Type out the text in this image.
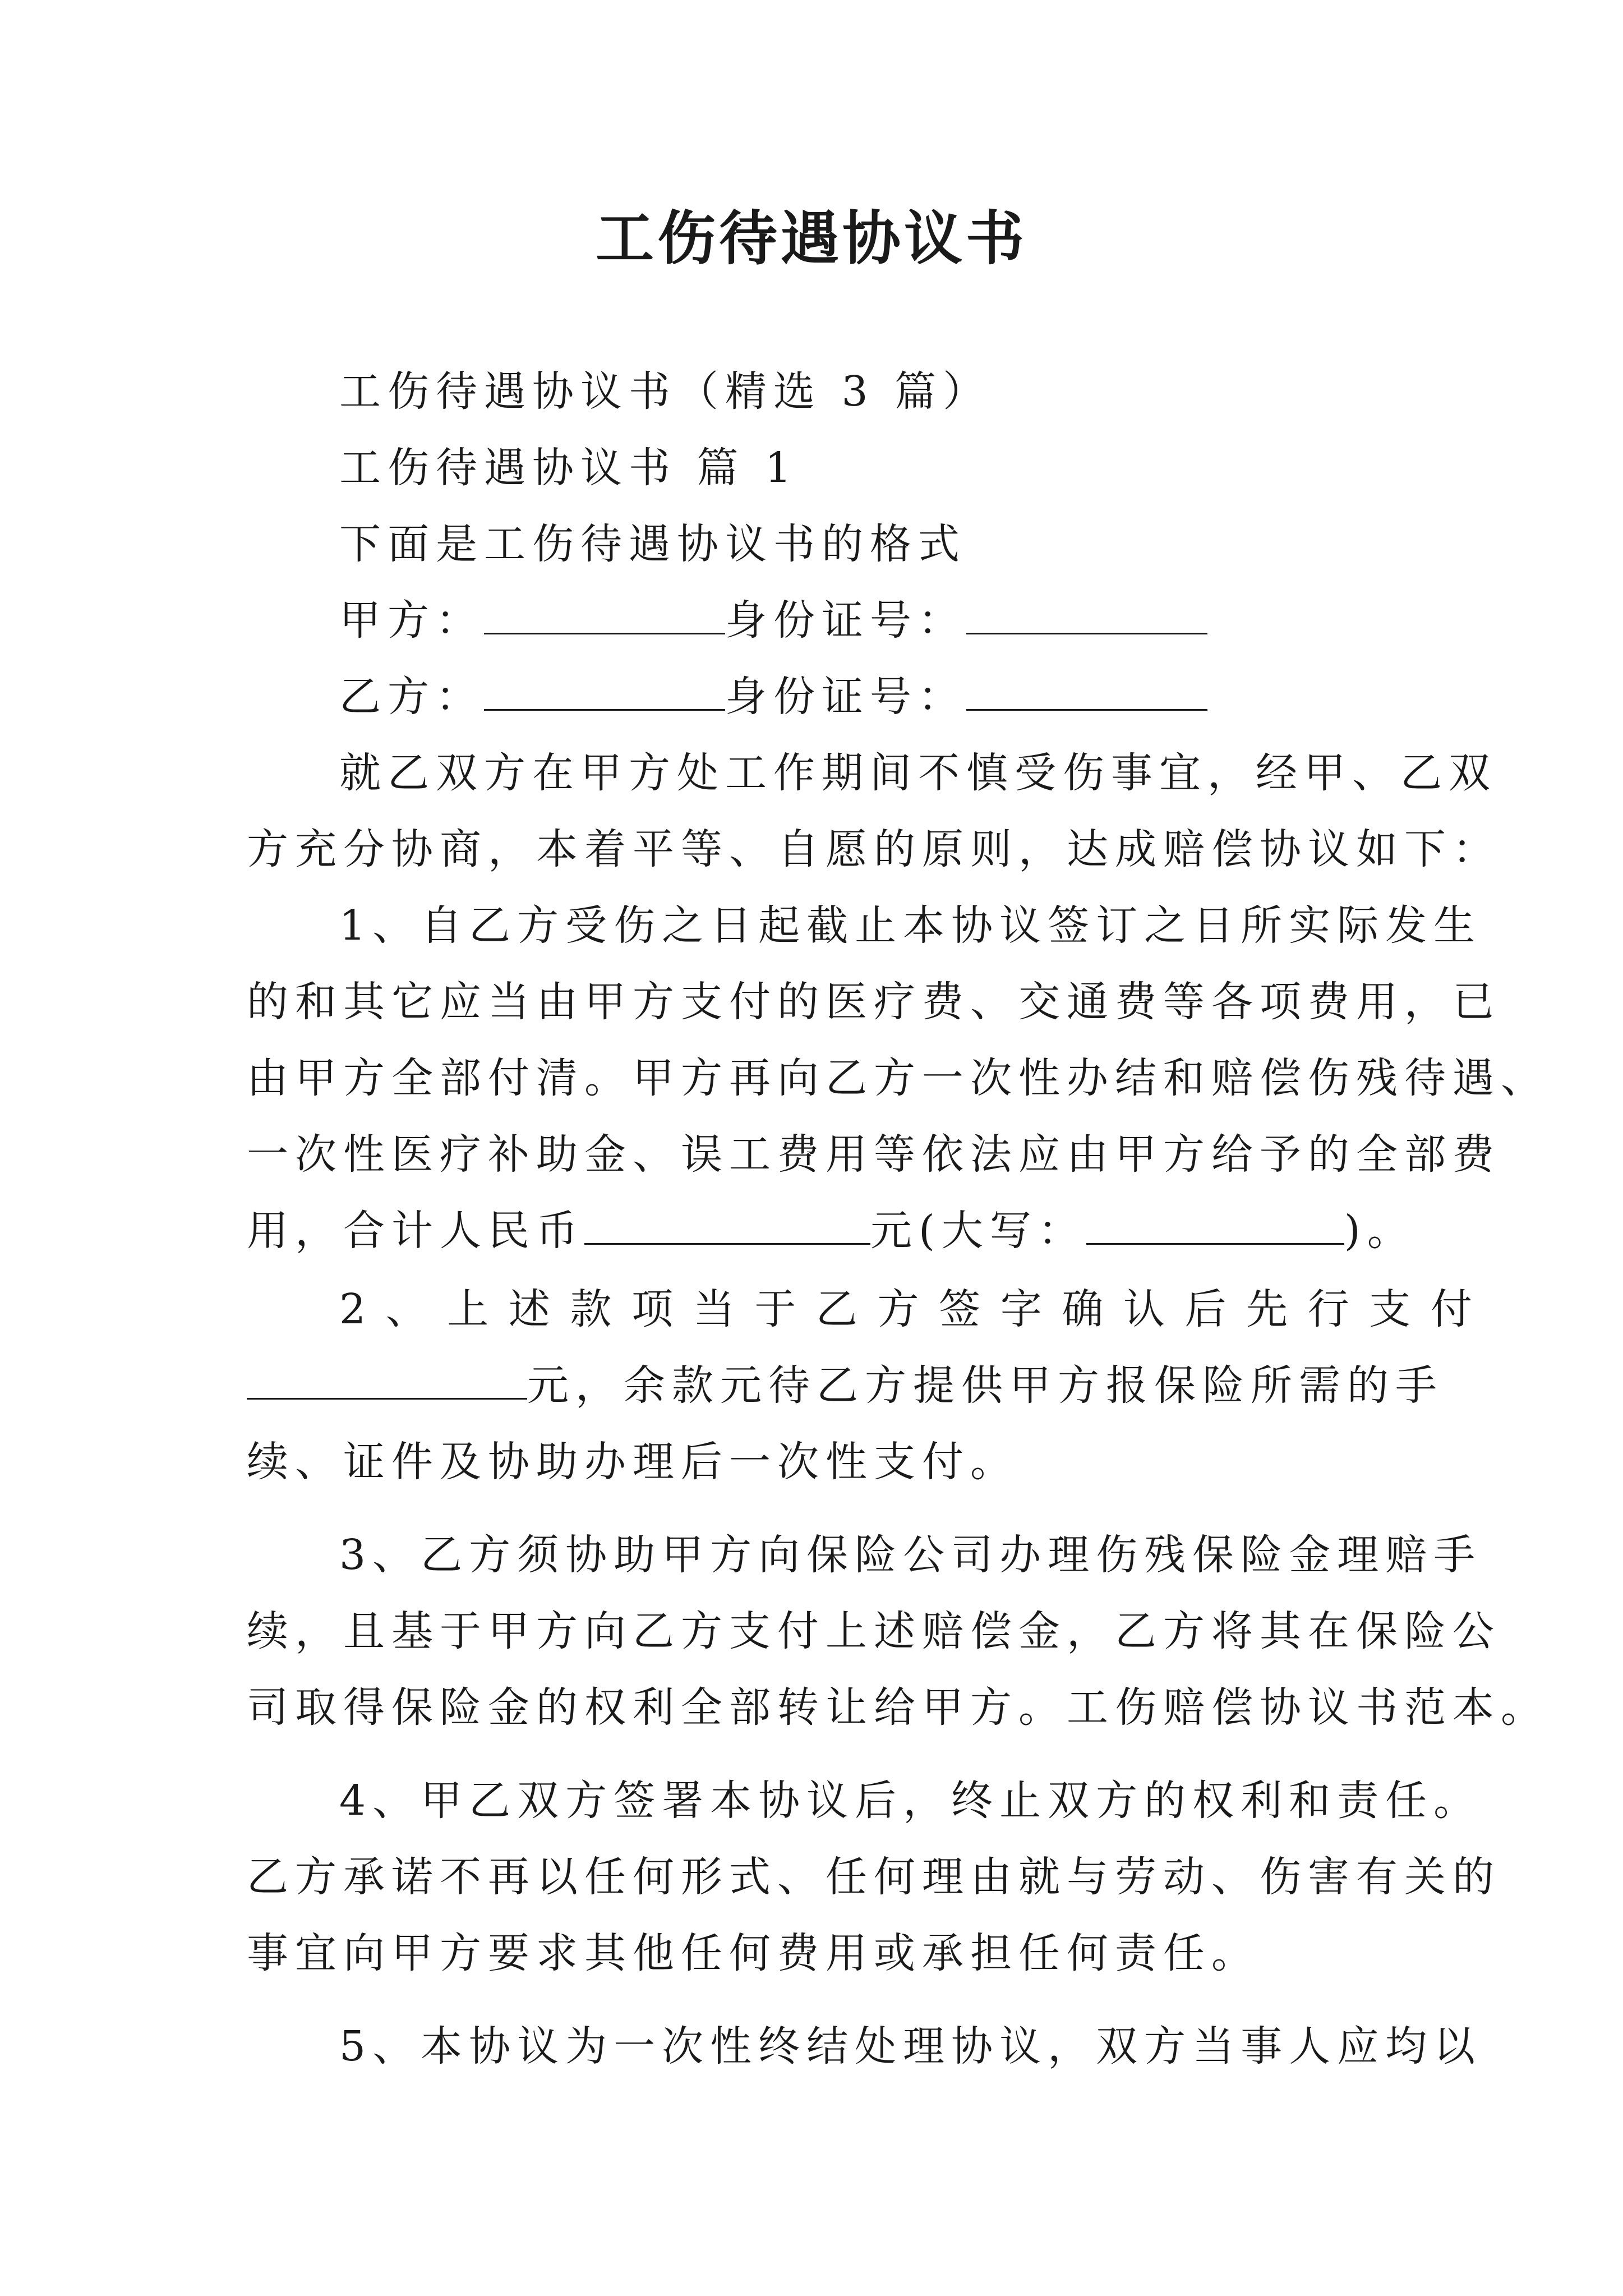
工伤待遇协议书
工伤待遇协议书（精选 3 篇）
工伤待遇协议书 篇 1
下面是工伤待遇协议书的格式
甲方：	身份证号：
乙方：	身份证号：
就乙双方在甲方处工作期间不慎受伤事宜，经甲、乙双
方充分协商，本着平等、自愿的原则，达成赔偿协议如下：
1、自乙方受伤之日起截止本协议签订之日所实际发生
的和其它应当由甲方支付的医疗费、交通费等各项费用，已
由甲方全部付清。甲方再向乙方一次性办结和赔偿伤残待遇、
一次性医疗补助金、误工费用等依法应由甲方给予的全部费
用，合计人民币	元(大写：	)。
2、上述款项当于乙方签字确认后先行支付
元，余款元待乙方提供甲方报保险所需的手
续、证件及协助办理后一次性支付。
3、乙方须协助甲方向保险公司办理伤残保险金理赔手
续，且基于甲方向乙方支付上述赔偿金，乙方将其在保险公
司取得保险金的权利全部转让给甲方。工伤赔偿协议书范本。
4、甲乙双方签署本协议后，终止双方的权利和责任。
乙方承诺不再以任何形式、任何理由就与劳动、伤害有关的
事宜向甲方要求其他任何费用或承担任何责任。
5、本协议为一次性终结处理协议，双方当事人应均以
